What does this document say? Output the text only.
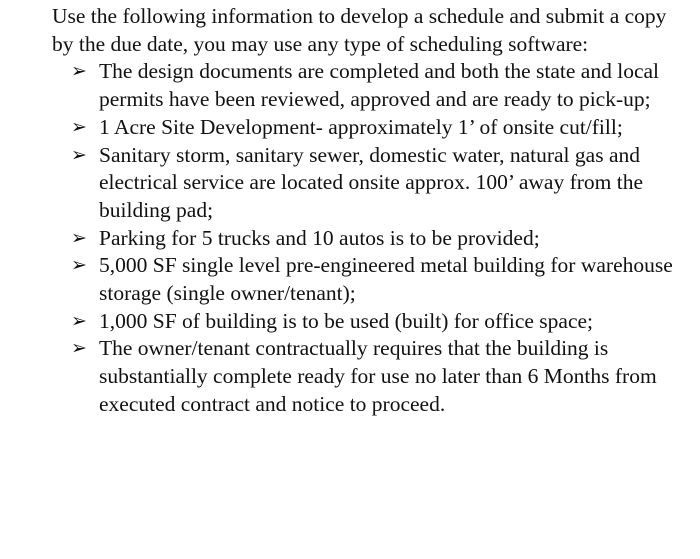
Use the following information to develop a schedule and submit a copy by the due date, you may use any type of scheduling software:

➢ The design documents are completed and both the state and local permits have been reviewed, approved and are ready to pick-up;
➢ 1 Acre Site Development- approximately 1’ of onsite cut/fill;
➢ Sanitary storm, sanitary sewer, domestic water, natural gas and electrical service are located onsite approx. 100’ away from the building pad;
➢ Parking for 5 trucks and 10 autos is to be provided;
➢ 5,000 SF single level pre-engineered metal building for warehouse storage (single owner/tenant);
➢ 1,000 SF of building is to be used (built) for office space;
➢ The owner/tenant contractually requires that the building is substantially complete ready for use no later than 6 Months from executed contract and notice to proceed.
